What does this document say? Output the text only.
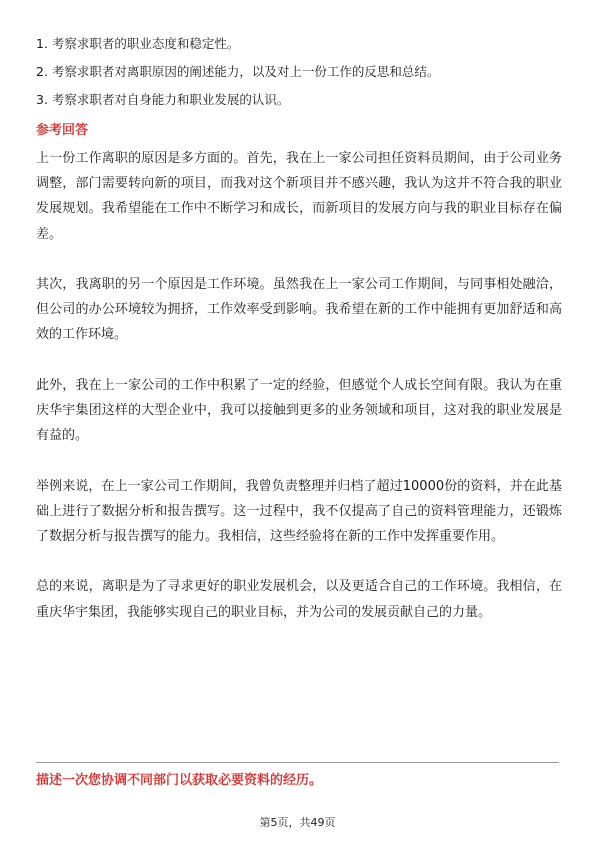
1. 考察求职者的职业态度和稳定性。
2. 考察求职者对离职原因的阐述能力，以及对上一份工作的反思和总结。
3. 考察求职者对自身能力和职业发展的认识。
参考回答

上一份工作离职的原因是多方面的。首先，我在上一家公司担任资料员期间，由于公司业务调整，部门需要转向新的项目，而我对这个新项目并不感兴趣，我认为这并不符合我的职业发展规划。我希望能在工作中不断学习和成长，而新项目的发展方向与我的职业目标存在偏差。

其次，我离职的另一个原因是工作环境。虽然我在上一家公司工作期间，与同事相处融洽，但公司的办公环境较为拥挤，工作效率受到影响。我希望在新的工作中能拥有更加舒适和高效的工作环境。

此外，我在上一家公司的工作中积累了一定的经验，但感觉个人成长空间有限。我认为在重庆华宇集团这样的大型企业中，我可以接触到更多的业务领域和项目，这对我的职业发展是有益的。

举例来说，在上一家公司工作期间，我曾负责整理并归档了超过10000份的资料，并在此基础上进行了数据分析和报告撰写。这一过程中，我不仅提高了自己的资料管理能力，还锻炼了数据分析与报告撰写的能力。我相信，这些经验将在新的工作中发挥重要作用。

总的来说，离职是为了寻求更好的职业发展机会，以及更适合自己的工作环境。我相信，在重庆华宇集团，我能够实现自己的职业目标，并为公司的发展贡献自己的力量。

描述一次您协调不同部门以获取必要资料的经历。
第5页，共49页
